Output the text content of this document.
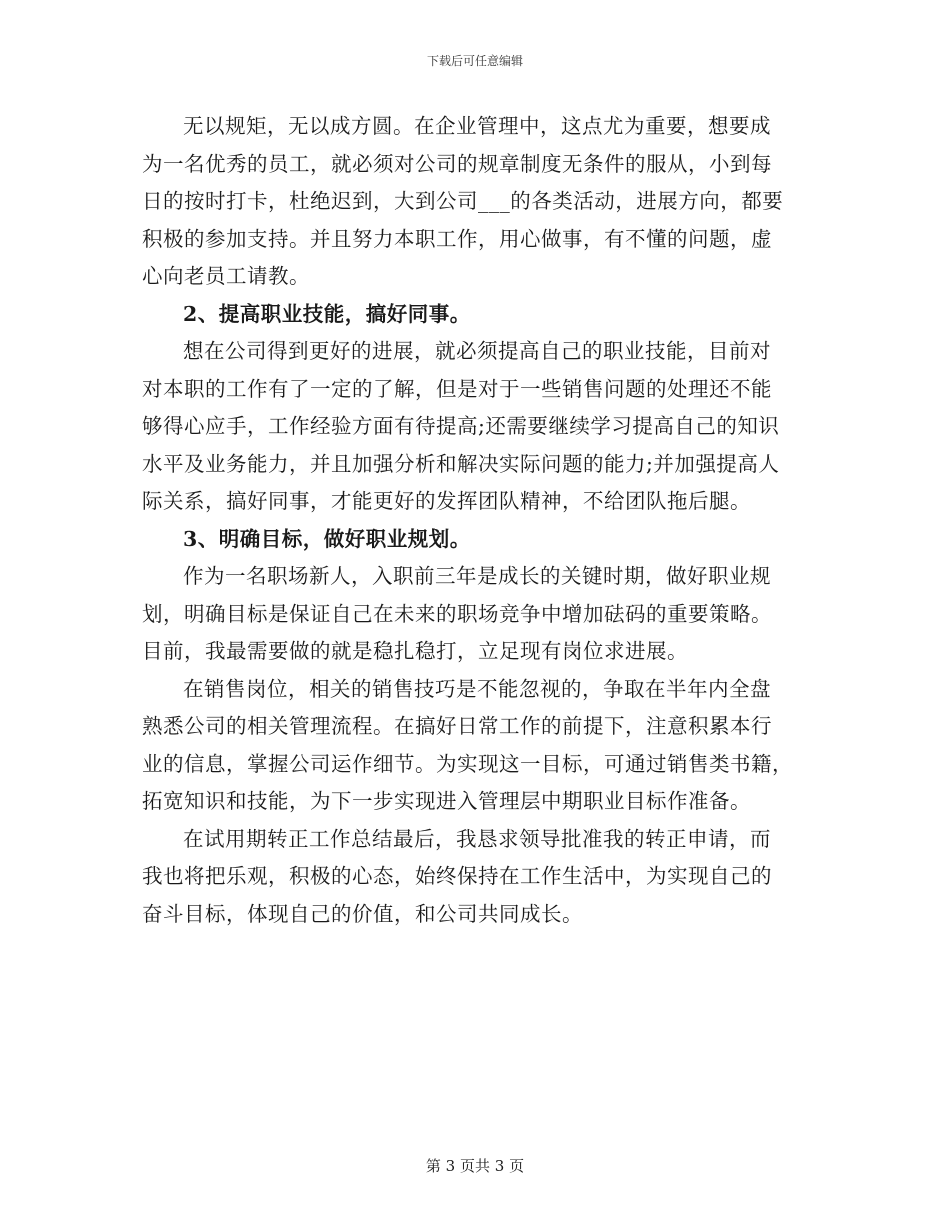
下载后可任意编辑
无以规矩，无以成方圆。在企业管理中，这点尤为重要，想要成
为一名优秀的员工，就必须对公司的规章制度无条件的服从，小到每
日的按时打卡，杜绝迟到，大到公司___的各类活动，进展方向，都要
积极的参加支持。并且努力本职工作，用心做事，有不懂的问题，虚
心向老员工请教。
2、提高职业技能，搞好同事。
想在公司得到更好的进展，就必须提高自己的职业技能，目前对
对本职的工作有了一定的了解，但是对于一些销售问题的处理还不能
够得心应手，工作经验方面有待提高;还需要继续学习提高自己的知识
水平及业务能力，并且加强分析和解决实际问题的能力;并加强提高人
际关系，搞好同事，才能更好的发挥团队精神，不给团队拖后腿。
3、明确目标，做好职业规划。
作为一名职场新人，入职前三年是成长的关键时期，做好职业规
划，明确目标是保证自己在未来的职场竞争中增加砝码的重要策略。
目前，我最需要做的就是稳扎稳打，立足现有岗位求进展。
在销售岗位，相关的销售技巧是不能忽视的，争取在半年内全盘
熟悉公司的相关管理流程。在搞好日常工作的前提下，注意积累本行
业的信息，掌握公司运作细节。为实现这一目标，可通过销售类书籍，
拓宽知识和技能，为下一步实现进入管理层中期职业目标作准备。
在试用期转正工作总结最后，我恳求领导批准我的转正申请，而
我也将把乐观，积极的心态，始终保持在工作生活中，为实现自己的
奋斗目标，体现自己的价值，和公司共同成长。
第 3 页共 3 页
